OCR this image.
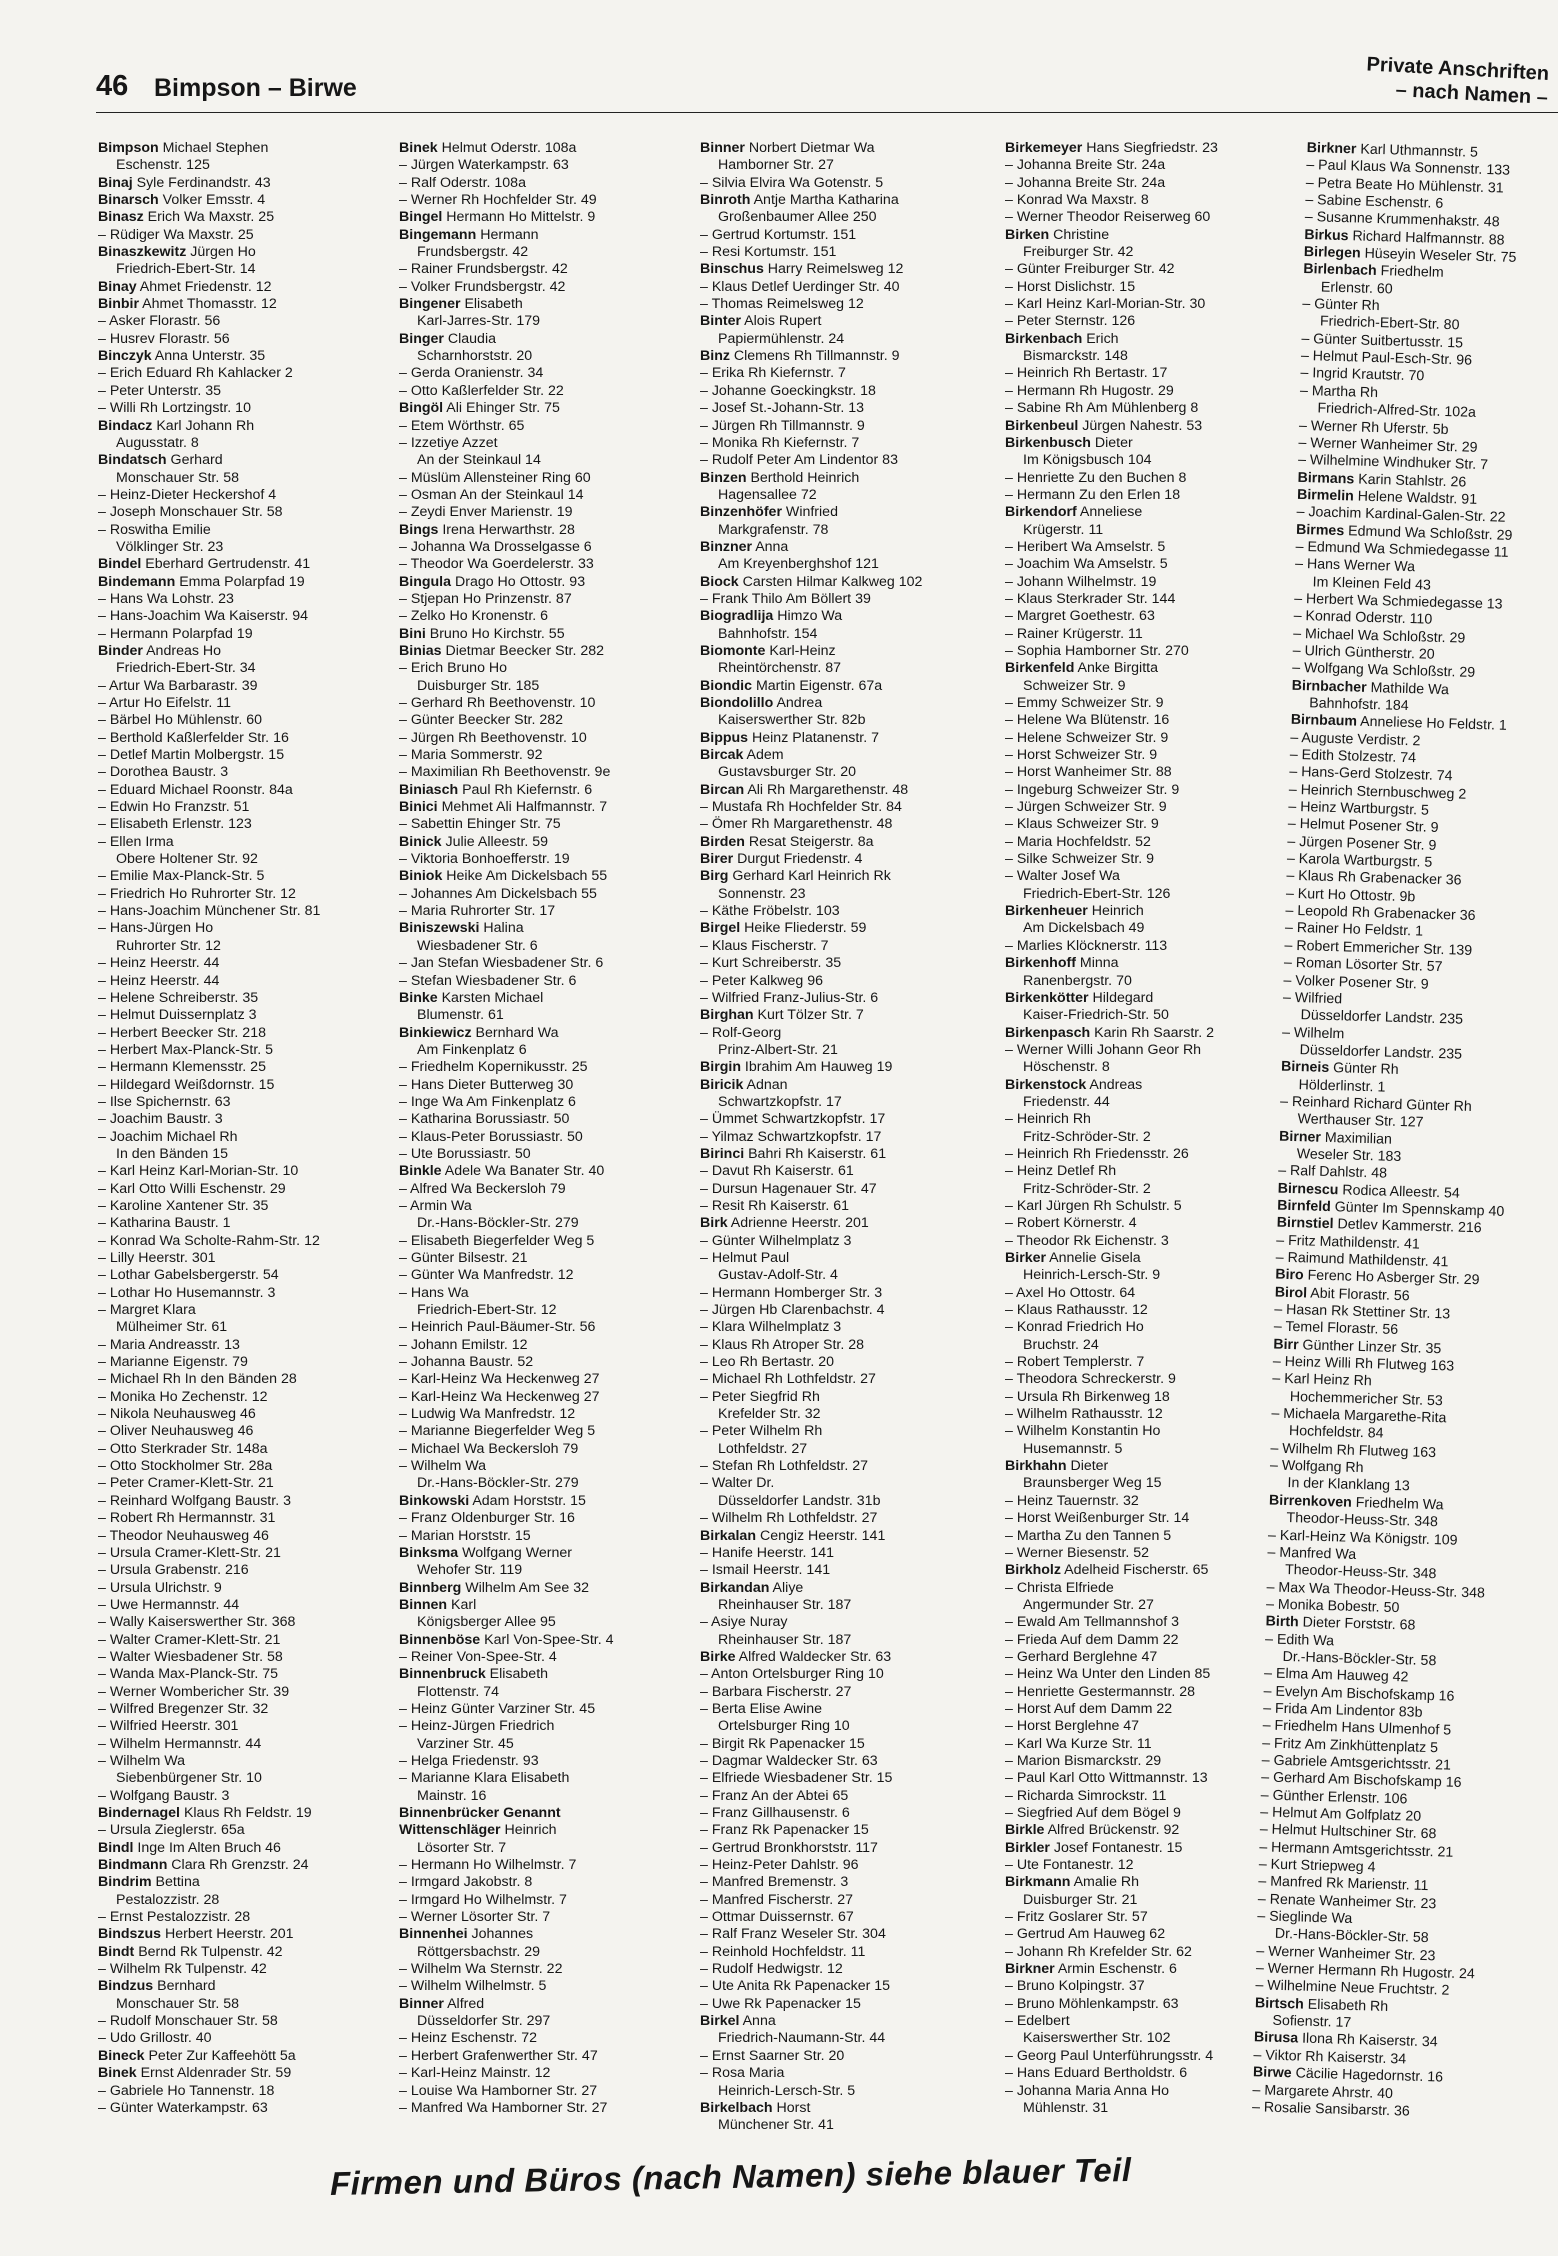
46 Bimpson – Birwe
Private Anschriften
– nach Namen –
Bimpson Michael Stephen
Eschenstr. 125
Binaj Syle Ferdinandstr. 43
Binarsch Volker Emsstr. 4
Binasz Erich Wa Maxstr. 25
– Rüdiger Wa Maxstr. 25
Binaszkewitz Jürgen Ho
Friedrich-Ebert-Str. 14
Binay Ahmet Friedenstr. 12
Binbir Ahmet Thomasstr. 12
– Asker Florastr. 56
– Husrev Florastr. 56
Binczyk Anna Unterstr. 35
– Erich Eduard Rh Kahlacker 2
– Peter Unterstr. 35
– Willi Rh Lortzingstr. 10
Bindacz Karl Johann Rh
Augusstatr. 8
Bindatsch Gerhard
Monschauer Str. 58
– Heinz-Dieter Heckershof 4
– Joseph Monschauer Str. 58
– Roswitha Emilie
Völklinger Str. 23
Bindel Eberhard Gertrudenstr. 41
Bindemann Emma Polarpfad 19
– Hans Wa Lohstr. 23
– Hans-Joachim Wa Kaiserstr. 94
– Hermann Polarpfad 19
Binder Andreas Ho
Friedrich-Ebert-Str. 34
– Artur Wa Barbarastr. 39
– Artur Ho Eifelstr. 11
– Bärbel Ho Mühlenstr. 60
– Berthold Kaßlerfelder Str. 16
– Detlef Martin Molbergstr. 15
– Dorothea Baustr. 3
– Eduard Michael Roonstr. 84a
– Edwin Ho Franzstr. 51
– Elisabeth Erlenstr. 123
– Ellen Irma
Obere Holtener Str. 92
– Emilie Max-Planck-Str. 5
– Friedrich Ho Ruhrorter Str. 12
– Hans-Joachim Münchener Str. 81
– Hans-Jürgen Ho
Ruhrorter Str. 12
– Heinz Heerstr. 44
– Heinz Heerstr. 44
– Helene Schreiberstr. 35
– Helmut Duissernplatz 3
– Herbert Beecker Str. 218
– Herbert Max-Planck-Str. 5
– Hermann Klemensstr. 25
– Hildegard Weißdornstr. 15
– Ilse Spichernstr. 63
– Joachim Baustr. 3
– Joachim Michael Rh
In den Bänden 15
– Karl Heinz Karl-Morian-Str. 10
– Karl Otto Willi Eschenstr. 29
– Karoline Xantener Str. 35
– Katharina Baustr. 1
– Konrad Wa Scholte-Rahm-Str. 12
– Lilly Heerstr. 301
– Lothar Gabelsbergerstr. 54
– Lothar Ho Husemannstr. 3
– Margret Klara
Mülheimer Str. 61
– Maria Andreasstr. 13
– Marianne Eigenstr. 79
– Michael Rh In den Bänden 28
– Monika Ho Zechenstr. 12
– Nikola Neuhausweg 46
– Oliver Neuhausweg 46
– Otto Sterkrader Str. 148a
– Otto Stockholmer Str. 28a
– Peter Cramer-Klett-Str. 21
– Reinhard Wolfgang Baustr. 3
– Robert Rh Hermannstr. 31
– Theodor Neuhausweg 46
– Ursula Cramer-Klett-Str. 21
– Ursula Grabenstr. 216
– Ursula Ulrichstr. 9
– Uwe Hermannstr. 44
– Wally Kaiserswerther Str. 368
– Walter Cramer-Klett-Str. 21
– Walter Wiesbadener Str. 58
– Wanda Max-Planck-Str. 75
– Werner Wombericher Str. 39
– Wilfred Bregenzer Str. 32
– Wilfried Heerstr. 301
– Wilhelm Hermannstr. 44
– Wilhelm Wa
Siebenbürgener Str. 10
– Wolfgang Baustr. 3
Bindernagel Klaus Rh Feldstr. 19
– Ursula Zieglerstr. 65a
Bindl Inge Im Alten Bruch 46
Bindmann Clara Rh Grenzstr. 24
Bindrim Bettina
Pestalozzistr. 28
– Ernst Pestalozzistr. 28
Bindszus Herbert Heerstr. 201
Bindt Bernd Rk Tulpenstr. 42
– Wilhelm Rk Tulpenstr. 42
Bindzus Bernhard
Monschauer Str. 58
– Rudolf Monschauer Str. 58
– Udo Grillostr. 40
Bineck Peter Zur Kaffeehött 5a
Binek Ernst Aldenrader Str. 59
– Gabriele Ho Tannenstr. 18
– Günter Waterkampstr. 63
Binek Helmut Oderstr. 108a
– Jürgen Waterkampstr. 63
– Ralf Oderstr. 108a
– Werner Rh Hochfelder Str. 49
Bingel Hermann Ho Mittelstr. 9
Bingemann Hermann
Frundsbergstr. 42
– Rainer Frundsbergstr. 42
– Volker Frundsbergstr. 42
Bingener Elisabeth
Karl-Jarres-Str. 179
Binger Claudia
Scharnhorststr. 20
– Gerda Oranienstr. 34
– Otto Kaßlerfelder Str. 22
Bingöl Ali Ehinger Str. 75
– Etem Wörthstr. 65
– Izzetiye Azzet
An der Steinkaul 14
– Müslüm Allensteiner Ring 60
– Osman An der Steinkaul 14
– Zeydi Enver Marienstr. 19
Bings Irena Herwarthstr. 28
– Johanna Wa Drosselgasse 6
– Theodor Wa Goerdelerstr. 33
Bingula Drago Ho Ottostr. 93
– Stjepan Ho Prinzenstr. 87
– Zelko Ho Kronenstr. 6
Bini Bruno Ho Kirchstr. 55
Binias Dietmar Beecker Str. 282
– Erich Bruno Ho
Duisburger Str. 185
– Gerhard Rh Beethovenstr. 10
– Günter Beecker Str. 282
– Jürgen Rh Beethovenstr. 10
– Maria Sommerstr. 92
– Maximilian Rh Beethovenstr. 9e
Biniasch Paul Rh Kiefernstr. 6
Binici Mehmet Ali Halfmannstr. 7
– Sabettin Ehinger Str. 75
Binick Julie Alleestr. 59
– Viktoria Bonhoefferstr. 19
Biniok Heike Am Dickelsbach 55
– Johannes Am Dickelsbach 55
– Maria Ruhrorter Str. 17
Biniszewski Halina
Wiesbadener Str. 6
– Jan Stefan Wiesbadener Str. 6
– Stefan Wiesbadener Str. 6
Binke Karsten Michael
Blumenstr. 61
Binkiewicz Bernhard Wa
Am Finkenplatz 6
– Friedhelm Kopernikusstr. 25
– Hans Dieter Butterweg 30
– Inge Wa Am Finkenplatz 6
– Katharina Borussiastr. 50
– Klaus-Peter Borussiastr. 50
– Ute Borussiastr. 50
Binkle Adele Wa Banater Str. 40
– Alfred Wa Beckersloh 79
– Armin Wa
Dr.-Hans-Böckler-Str. 279
– Elisabeth Biegerfelder Weg 5
– Günter Bilsestr. 21
– Günter Wa Manfredstr. 12
– Hans Wa
Friedrich-Ebert-Str. 12
– Heinrich Paul-Bäumer-Str. 56
– Johann Emilstr. 12
– Johanna Baustr. 52
– Karl-Heinz Wa Heckenweg 27
– Karl-Heinz Wa Heckenweg 27
– Ludwig Wa Manfredstr. 12
– Marianne Biegerfelder Weg 5
– Michael Wa Beckersloh 79
– Wilhelm Wa
Dr.-Hans-Böckler-Str. 279
Binkowski Adam Horststr. 15
– Franz Oldenburger Str. 16
– Marian Horststr. 15
Binksma Wolfgang Werner
Wehofer Str. 119
Binnberg Wilhelm Am See 32
Binnen Karl
Königsberger Allee 95
Binnenböse Karl Von-Spee-Str. 4
– Reiner Von-Spee-Str. 4
Binnenbruck Elisabeth
Flottenstr. 74
– Heinz Günter Varziner Str. 45
– Heinz-Jürgen Friedrich
Varziner Str. 45
– Helga Friedenstr. 93
– Marianne Klara Elisabeth
Mainstr. 16
Binnenbrücker Genannt
Wittenschläger Heinrich
Lösorter Str. 7
– Hermann Ho Wilhelmstr. 7
– Irmgard Jakobstr. 8
– Irmgard Ho Wilhelmstr. 7
– Werner Lösorter Str. 7
Binnenhei Johannes
Röttgersbachstr. 29
– Wilhelm Wa Sternstr. 22
– Wilhelm Wilhelmstr. 5
Binner Alfred
Düsseldorfer Str. 297
– Heinz Eschenstr. 72
– Herbert Grafenwerther Str. 47
– Karl-Heinz Mainstr. 12
– Louise Wa Hamborner Str. 27
– Manfred Wa Hamborner Str. 27
Binner Norbert Dietmar Wa
Hamborner Str. 27
– Silvia Elvira Wa Gotenstr. 5
Binroth Antje Martha Katharina
Großenbaumer Allee 250
– Gertrud Kortumstr. 151
– Resi Kortumstr. 151
Binschus Harry Reimelsweg 12
– Klaus Detlef Uerdinger Str. 40
– Thomas Reimelsweg 12
Binter Alois Rupert
Papiermühlenstr. 24
Binz Clemens Rh Tillmannstr. 9
– Erika Rh Kiefernstr. 7
– Johanne Goeckingkstr. 18
– Josef St.-Johann-Str. 13
– Jürgen Rh Tillmannstr. 9
– Monika Rh Kiefernstr. 7
– Rudolf Peter Am Lindentor 83
Binzen Berthold Heinrich
Hagensallee 72
Binzenhöfer Winfried
Markgrafenstr. 78
Binzner Anna
Am Kreyenberghshof 121
Biock Carsten Hilmar Kalkweg 102
– Frank Thilo Am Böllert 39
Biogradlija Himzo Wa
Bahnhofstr. 154
Biomonte Karl-Heinz
Rheintörchenstr. 87
Biondic Martin Eigenstr. 67a
Biondolillo Andrea
Kaiserswerther Str. 82b
Bippus Heinz Platanenstr. 7
Bircak Adem
Gustavsburger Str. 20
Bircan Ali Rh Margarethenstr. 48
– Mustafa Rh Hochfelder Str. 84
– Ömer Rh Margarethenstr. 48
Birden Resat Steigerstr. 8a
Birer Durgut Friedenstr. 4
Birg Gerhard Karl Heinrich Rk
Sonnenstr. 23
– Käthe Fröbelstr. 103
Birgel Heike Fliederstr. 59
– Klaus Fischerstr. 7
– Kurt Schreiberstr. 35
– Peter Kalkweg 96
– Wilfried Franz-Julius-Str. 6
Birghan Kurt Tölzer Str. 7
– Rolf-Georg
Prinz-Albert-Str. 21
Birgin Ibrahim Am Hauweg 19
Biricik Adnan
Schwartzkopfstr. 17
– Ümmet Schwartzkopfstr. 17
– Yilmaz Schwartzkopfstr. 17
Birinci Bahri Rh Kaiserstr. 61
– Davut Rh Kaiserstr. 61
– Dursun Hagenauer Str. 47
– Resit Rh Kaiserstr. 61
Birk Adrienne Heerstr. 201
– Günter Wilhelmplatz 3
– Helmut Paul
Gustav-Adolf-Str. 4
– Hermann Homberger Str. 3
– Jürgen Hb Clarenbachstr. 4
– Klara Wilhelmplatz 3
– Klaus Rh Atroper Str. 28
– Leo Rh Bertastr. 20
– Michael Rh Lothfeldstr. 27
– Peter Siegfrid Rh
Krefelder Str. 32
– Peter Wilhelm Rh
Lothfeldstr. 27
– Stefan Rh Lothfeldstr. 27
– Walter Dr.
Düsseldorfer Landstr. 31b
– Wilhelm Rh Lothfeldstr. 27
Birkalan Cengiz Heerstr. 141
– Hanife Heerstr. 141
– Ismail Heerstr. 141
Birkandan Aliye
Rheinhauser Str. 187
– Asiye Nuray
Rheinhauser Str. 187
Birke Alfred Waldecker Str. 63
– Anton Ortelsburger Ring 10
– Barbara Fischerstr. 27
– Berta Elise Awine
Ortelsburger Ring 10
– Birgit Rk Papenacker 15
– Dagmar Waldecker Str. 63
– Elfriede Wiesbadener Str. 15
– Franz An der Abtei 65
– Franz Gillhausenstr. 6
– Franz Rk Papenacker 15
– Gertrud Bronkhorststr. 117
– Heinz-Peter Dahlstr. 96
– Manfred Bremenstr. 3
– Manfred Fischerstr. 27
– Ottmar Duissernstr. 67
– Ralf Franz Weseler Str. 304
– Reinhold Hochfeldstr. 11
– Rudolf Hedwigstr. 12
– Ute Anita Rk Papenacker 15
– Uwe Rk Papenacker 15
Birkel Anna
Friedrich-Naumann-Str. 44
– Ernst Saarner Str. 20
– Rosa Maria
Heinrich-Lersch-Str. 5
Birkelbach Horst
Münchener Str. 41
Birkemeyer Hans Siegfriedstr. 23
– Johanna Breite Str. 24a
– Johanna Breite Str. 24a
– Konrad Wa Maxstr. 8
– Werner Theodor Reiserweg 60
Birken Christine
Freiburger Str. 42
– Günter Freiburger Str. 42
– Horst Dislichstr. 15
– Karl Heinz Karl-Morian-Str. 30
– Peter Sternstr. 126
Birkenbach Erich
Bismarckstr. 148
– Heinrich Rh Bertastr. 17
– Hermann Rh Hugostr. 29
– Sabine Rh Am Mühlenberg 8
Birkenbeul Jürgen Nahestr. 53
Birkenbusch Dieter
Im Königsbusch 104
– Henriette Zu den Buchen 8
– Hermann Zu den Erlen 18
Birkendorf Anneliese
Krügerstr. 11
– Heribert Wa Amselstr. 5
– Joachim Wa Amselstr. 5
– Johann Wilhelmstr. 19
– Klaus Sterkrader Str. 144
– Margret Goethestr. 63
– Rainer Krügerstr. 11
– Sophia Hamborner Str. 270
Birkenfeld Anke Birgitta
Schweizer Str. 9
– Emmy Schweizer Str. 9
– Helene Wa Blütenstr. 16
– Helene Schweizer Str. 9
– Horst Schweizer Str. 9
– Horst Wanheimer Str. 88
– Ingeburg Schweizer Str. 9
– Jürgen Schweizer Str. 9
– Klaus Schweizer Str. 9
– Maria Hochfeldstr. 52
– Silke Schweizer Str. 9
– Walter Josef Wa
Friedrich-Ebert-Str. 126
Birkenheuer Heinrich
Am Dickelsbach 49
– Marlies Klöcknerstr. 113
Birkenhoff Minna
Ranenbergstr. 70
Birkenkötter Hildegard
Kaiser-Friedrich-Str. 50
Birkenpasch Karin Rh Saarstr. 2
– Werner Willi Johann Geor Rh
Höschenstr. 8
Birkenstock Andreas
Friedenstr. 44
– Heinrich Rh
Fritz-Schröder-Str. 2
– Heinrich Rh Friedensstr. 26
– Heinz Detlef Rh
Fritz-Schröder-Str. 2
– Karl Jürgen Rh Schulstr. 5
– Robert Körnerstr. 4
– Theodor Rk Eichenstr. 3
Birker Annelie Gisela
Heinrich-Lersch-Str. 9
– Axel Ho Ottostr. 64
– Klaus Rathausstr. 12
– Konrad Friedrich Ho
Bruchstr. 24
– Robert Templerstr. 7
– Theodora Schreckerstr. 9
– Ursula Rh Birkenweg 18
– Wilhelm Rathausstr. 12
– Wilhelm Konstantin Ho
Husemannstr. 5
Birkhahn Dieter
Braunsberger Weg 15
– Heinz Tauernstr. 32
– Horst Weißenburger Str. 14
– Martha Zu den Tannen 5
– Werner Biesenstr. 52
Birkholz Adelheid Fischerstr. 65
– Christa Elfriede
Angermunder Str. 27
– Ewald Am Tellmannshof 3
– Frieda Auf dem Damm 22
– Gerhard Berglehne 47
– Heinz Wa Unter den Linden 85
– Henriette Gestermannstr. 28
– Horst Auf dem Damm 22
– Horst Berglehne 47
– Karl Wa Kurze Str. 11
– Marion Bismarckstr. 29
– Paul Karl Otto Wittmannstr. 13
– Richarda Simrockstr. 11
– Siegfried Auf dem Bögel 9
Birkle Alfred Brückenstr. 92
Birkler Josef Fontanestr. 15
– Ute Fontanestr. 12
Birkmann Amalie Rh
Duisburger Str. 21
– Fritz Goslarer Str. 57
– Gertrud Am Hauweg 62
– Johann Rh Krefelder Str. 62
Birkner Armin Eschenstr. 6
– Bruno Kolpingstr. 37
– Bruno Möhlenkampstr. 63
– Edelbert
Kaiserswerther Str. 102
– Georg Paul Unterführungsstr. 4
– Hans Eduard Bertholdstr. 6
– Johanna Maria Anna Ho
Mühlenstr. 31
Birkner Karl Uthmannstr. 5
– Paul Klaus Wa Sonnenstr. 133
– Petra Beate Ho Mühlenstr. 31
– Sabine Eschenstr. 6
– Susanne Krummenhakstr. 48
Birkus Richard Halfmannstr. 88
Birlegen Hüseyin Weseler Str. 75
Birlenbach Friedhelm
Erlenstr. 60
– Günter Rh
Friedrich-Ebert-Str. 80
– Günter Suitbertusstr. 15
– Helmut Paul-Esch-Str. 96
– Ingrid Krautstr. 70
– Martha Rh
Friedrich-Alfred-Str. 102a
– Werner Rh Uferstr. 5b
– Werner Wanheimer Str. 29
– Wilhelmine Windhuker Str. 7
Birmans Karin Stahlstr. 26
Birmelin Helene Waldstr. 91
– Joachim Kardinal-Galen-Str. 22
Birmes Edmund Wa Schloßstr. 29
– Edmund Wa Schmiedegasse 11
– Hans Werner Wa
Im Kleinen Feld 43
– Herbert Wa Schmiedegasse 13
– Konrad Oderstr. 110
– Michael Wa Schloßstr. 29
– Ulrich Güntherstr. 20
– Wolfgang Wa Schloßstr. 29
Birnbacher Mathilde Wa
Bahnhofstr. 184
Birnbaum Anneliese Ho Feldstr. 1
– Auguste Verdistr. 2
– Edith Stolzestr. 74
– Hans-Gerd Stolzestr. 74
– Heinrich Sternbuschweg 2
– Heinz Wartburgstr. 5
– Helmut Posener Str. 9
– Jürgen Posener Str. 9
– Karola Wartburgstr. 5
– Klaus Rh Grabenacker 36
– Kurt Ho Ottostr. 9b
– Leopold Rh Grabenacker 36
– Rainer Ho Feldstr. 1
– Robert Emmericher Str. 139
– Roman Lösorter Str. 57
– Volker Posener Str. 9
– Wilfried
Düsseldorfer Landstr. 235
– Wilhelm
Düsseldorfer Landstr. 235
Birneis Günter Rh
Hölderlinstr. 1
– Reinhard Richard Günter Rh
Werthauser Str. 127
Birner Maximilian
Weseler Str. 183
– Ralf Dahlstr. 48
Birnescu Rodica Alleestr. 54
Birnfeld Günter Im Spennskamp 40
Birnstiel Detlev Kammerstr. 216
– Fritz Mathildenstr. 41
– Raimund Mathildenstr. 41
Biro Ferenc Ho Asberger Str. 29
Birol Abit Florastr. 56
– Hasan Rk Stettiner Str. 13
– Temel Florastr. 56
Birr Günther Linzer Str. 35
– Heinz Willi Rh Flutweg 163
– Karl Heinz Rh
Hochemmericher Str. 53
– Michaela Margarethe-Rita
Hochfeldstr. 84
– Wilhelm Rh Flutweg 163
– Wolfgang Rh
In der Klanklang 13
Birrenkoven Friedhelm Wa
Theodor-Heuss-Str. 348
– Karl-Heinz Wa Königstr. 109
– Manfred Wa
Theodor-Heuss-Str. 348
– Max Wa Theodor-Heuss-Str. 348
– Monika Bobestr. 50
Birth Dieter Forststr. 68
– Edith Wa
Dr.-Hans-Böckler-Str. 58
– Elma Am Hauweg 42
– Evelyn Am Bischofskamp 16
– Frida Am Lindentor 83b
– Friedhelm Hans Ulmenhof 5
– Fritz Am Zinkhüttenplatz 5
– Gabriele Amtsgerichtsstr. 21
– Gerhard Am Bischofskamp 16
– Günther Erlenstr. 106
– Helmut Am Golfplatz 20
– Helmut Hultschiner Str. 68
– Hermann Amtsgerichtsstr. 21
– Kurt Striepweg 4
– Manfred Rk Marienstr. 11
– Renate Wanheimer Str. 23
– Sieglinde Wa
Dr.-Hans-Böckler-Str. 58
– Werner Wanheimer Str. 23
– Werner Hermann Rh Hugostr. 24
– Wilhelmine Neue Fruchtstr. 2
Birtsch Elisabeth Rh
Sofienstr. 17
Birusa Ilona Rh Kaiserstr. 34
– Viktor Rh Kaiserstr. 34
Birwe Cäcilie Hagedornstr. 16
– Margarete Ahrstr. 40
– Rosalie Sansibarstr. 36
Firmen und Büros (nach Namen) siehe blauer Teil
